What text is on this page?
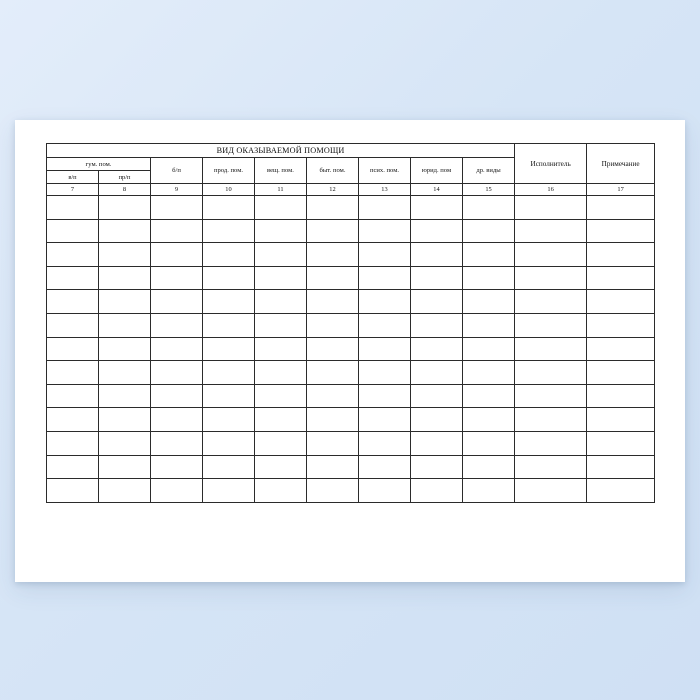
ВИД ОКАЗЫВАЕМОЙ ПОМОЩИ									Исполнитель	Примечание
гум. пом.		б/п	прод. пом.	вещ. пом.	быт. пом.	псих. пом.	юрид. пом	др. виды		
в/п	пр/п									
7	8	9	10	11	12	13	14	15	16	17
